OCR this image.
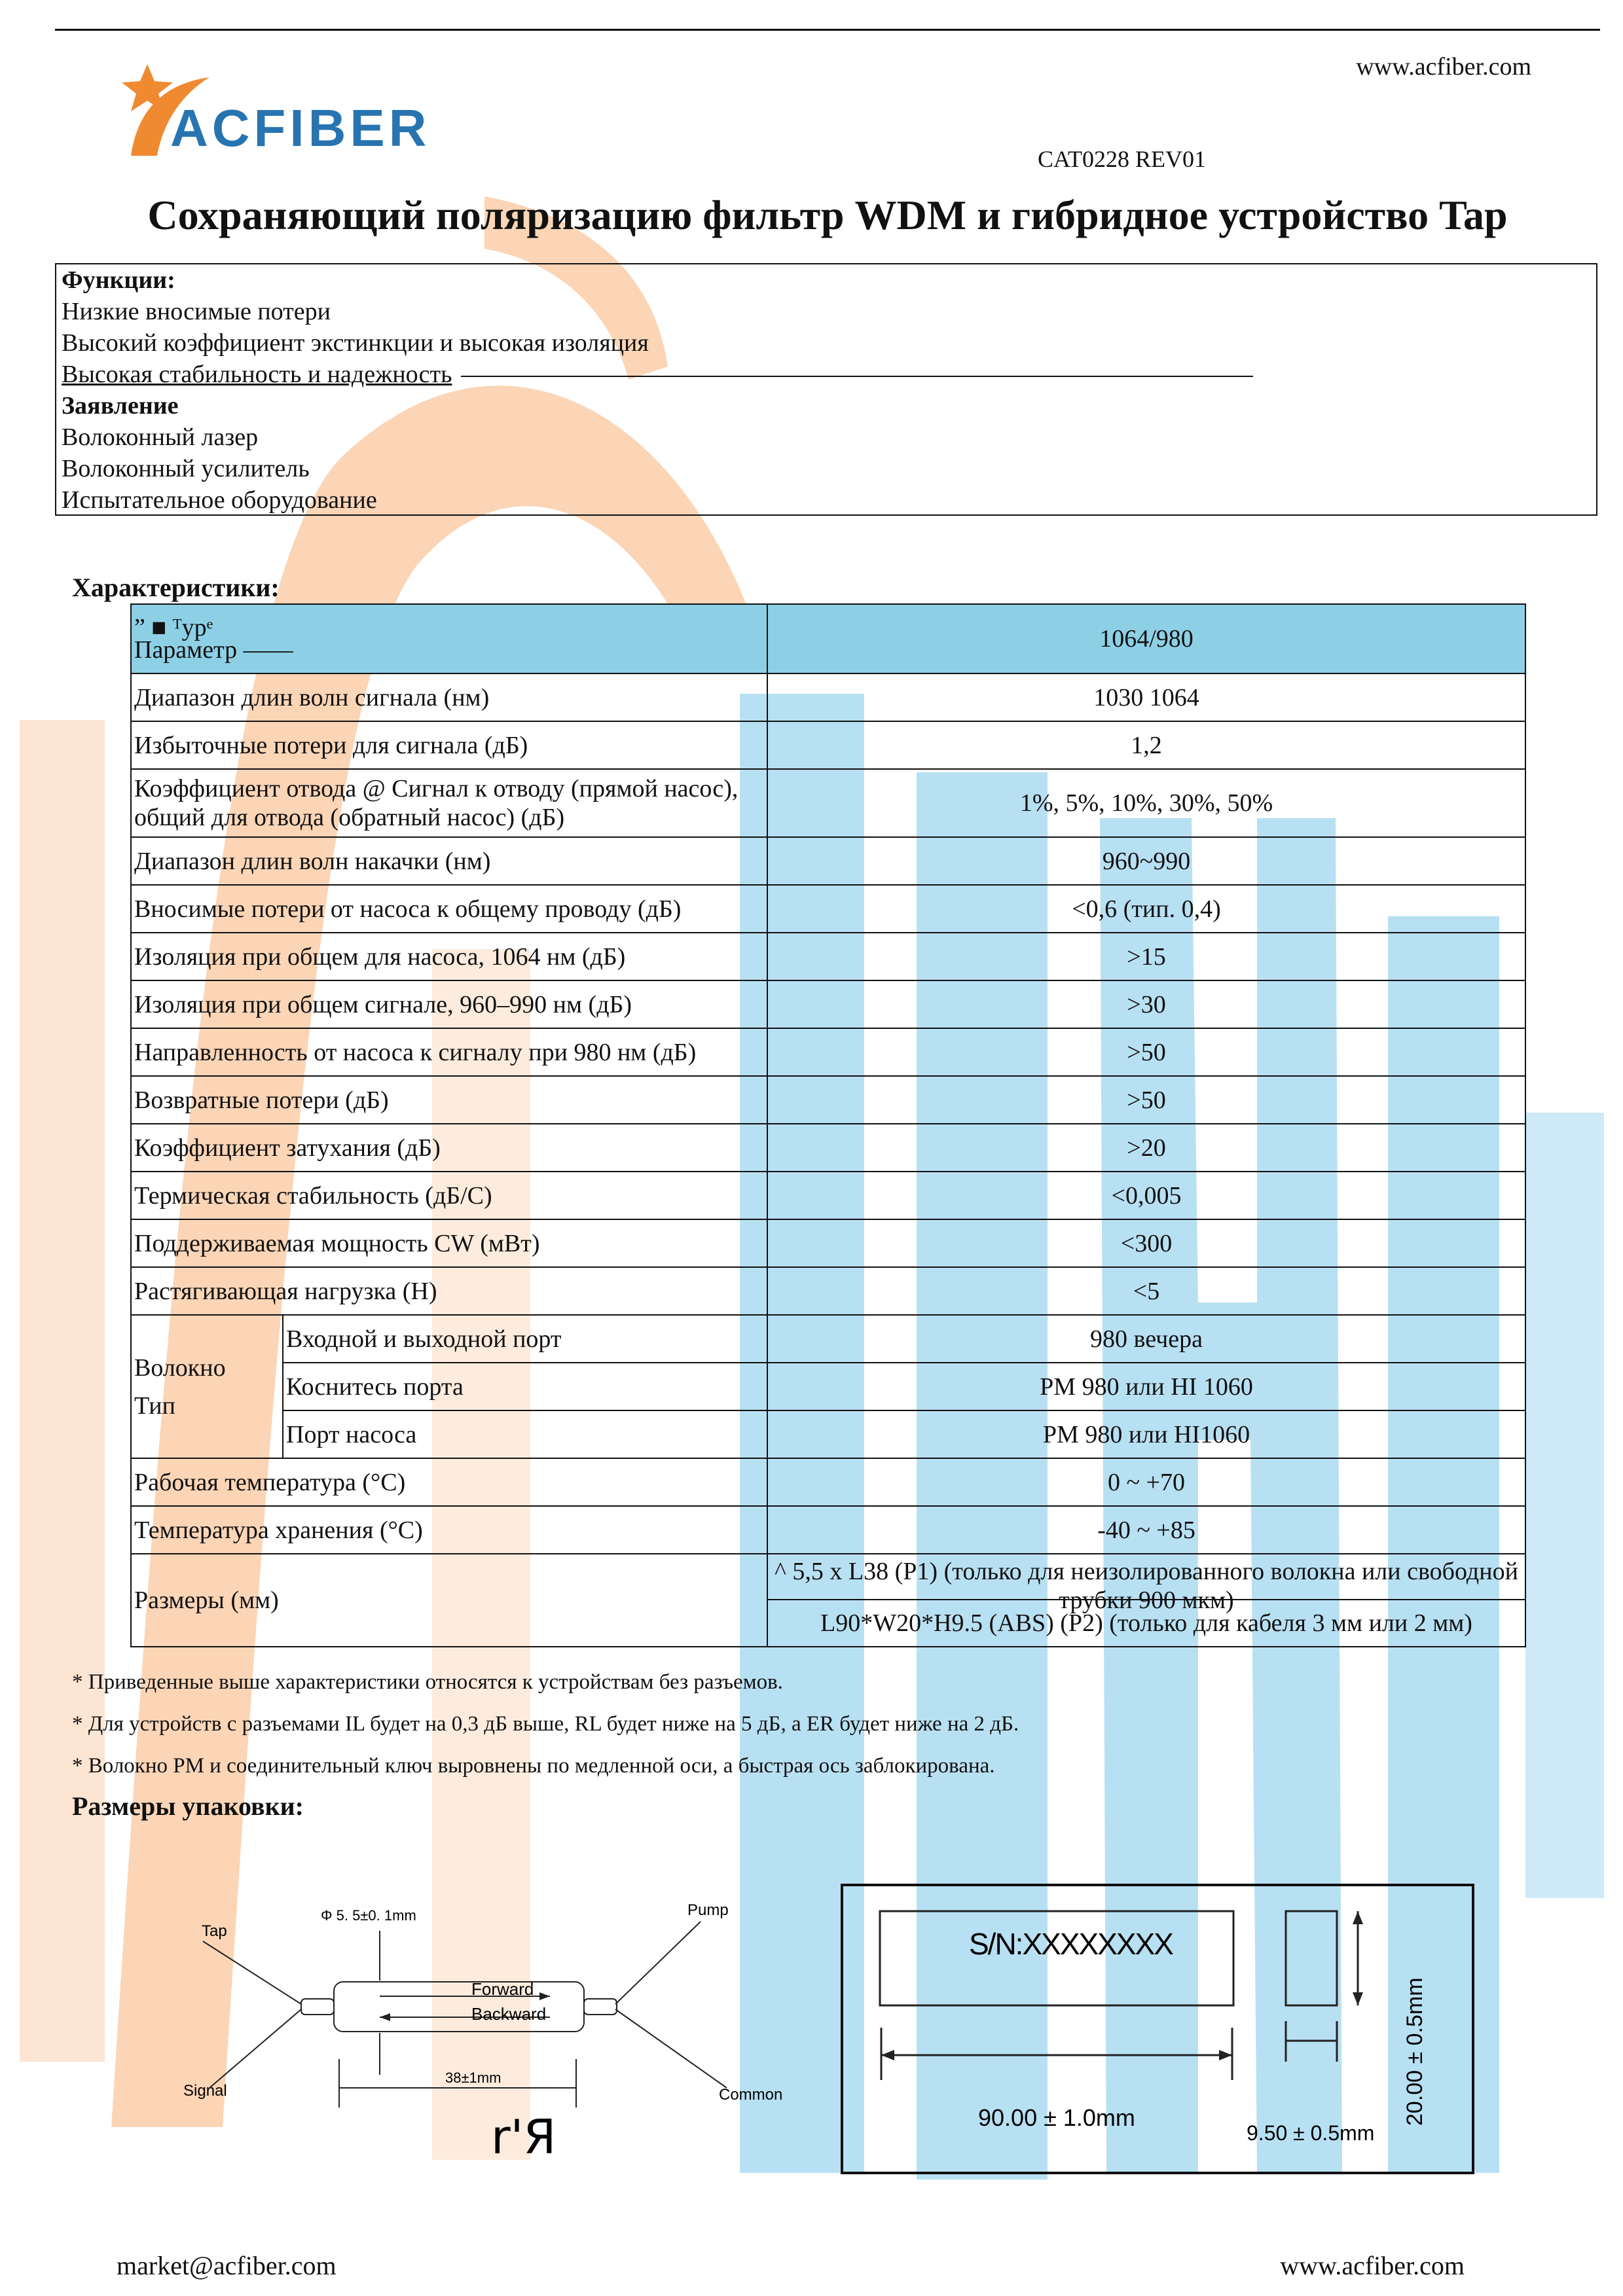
www.acfiber.com
ACFIBER
CAT0228 REV01
Сохраняющий поляризацию фильтр WDM и гибридное устройство Tap
Функции:
Низкие вносимые потери
Высокий коэффициент экстинкции и высокая изоляция
Высокая стабильность и надежность
Заявление
Волоконный лазер
Волоконный усилитель
Испытательное оборудование
Характеристики:
” ■ ᵀypᵉ
Параметр ——		1064/980
Диапазон длин волн сигнала (нм)		1030 1064
Избыточные потери для сигнала (дБ)		1,2
Коэффициент отвода @ Сигнал к отводу (прямой насос), общий для отвода (обратный насос) (дБ)		1%, 5%, 10%, 30%, 50%
Диапазон длин волн накачки (нм)		960~990
Вносимые потери от насоса к общему проводу (дБ)		<0,6 (тип. 0,4)
Изоляция при общем для насоса, 1064 нм (дБ)		>15
Изоляция при общем сигнале, 960–990 нм (дБ)		>30
Направленность от насоса к сигналу при 980 нм (дБ)		>50
Возвратные потери (дБ)		>50
Коэффициент затухания (дБ)		>20
Термическая стабильность (дБ/С)		<0,005
Поддерживаемая мощность CW (мВт)		<300
Растягивающая нагрузка (Н)		<5

Волокно
Тип	Входной и выходной порт	980 вечера
	Коснитесь порта	PM 980 или HI 1060
	Порт насоса	PM 980 или HI1060
Рабочая температура (°C)		0 ~ +70
Температура хранения (°C)		-40 ~ +85
Размеры (мм)		^ 5,5 x L38 (P1) (только для неизолированного волокна или свободной трубки 900 мкм)

		L90*W20*H9.5 (ABS) (P2) (только для кабеля 3 мм или 2 мм)
* Приведенные выше характеристики относятся к устройствам без разъемов.
* Для устройств с разъемами IL будет на 0,3 дБ выше, RL будет ниже на 5 дБ, а ER будет ниже на 2 дБ.
* Волокно PM и соединительный ключ выровнены по медленной оси, а быстрая ось заблокирована.
Размеры упаковки:
Tap
Pump
Signal	Common
Φ 5. 5±0. 1mm
Forward
Backward
38±1mm
r'Я
S/N:XXXXXXXX
90.00 ± 1.0mm
9.50 ± 0.5mm
20.00 ± 0.5mm
market@acfiber.com	www.acfiber.com
